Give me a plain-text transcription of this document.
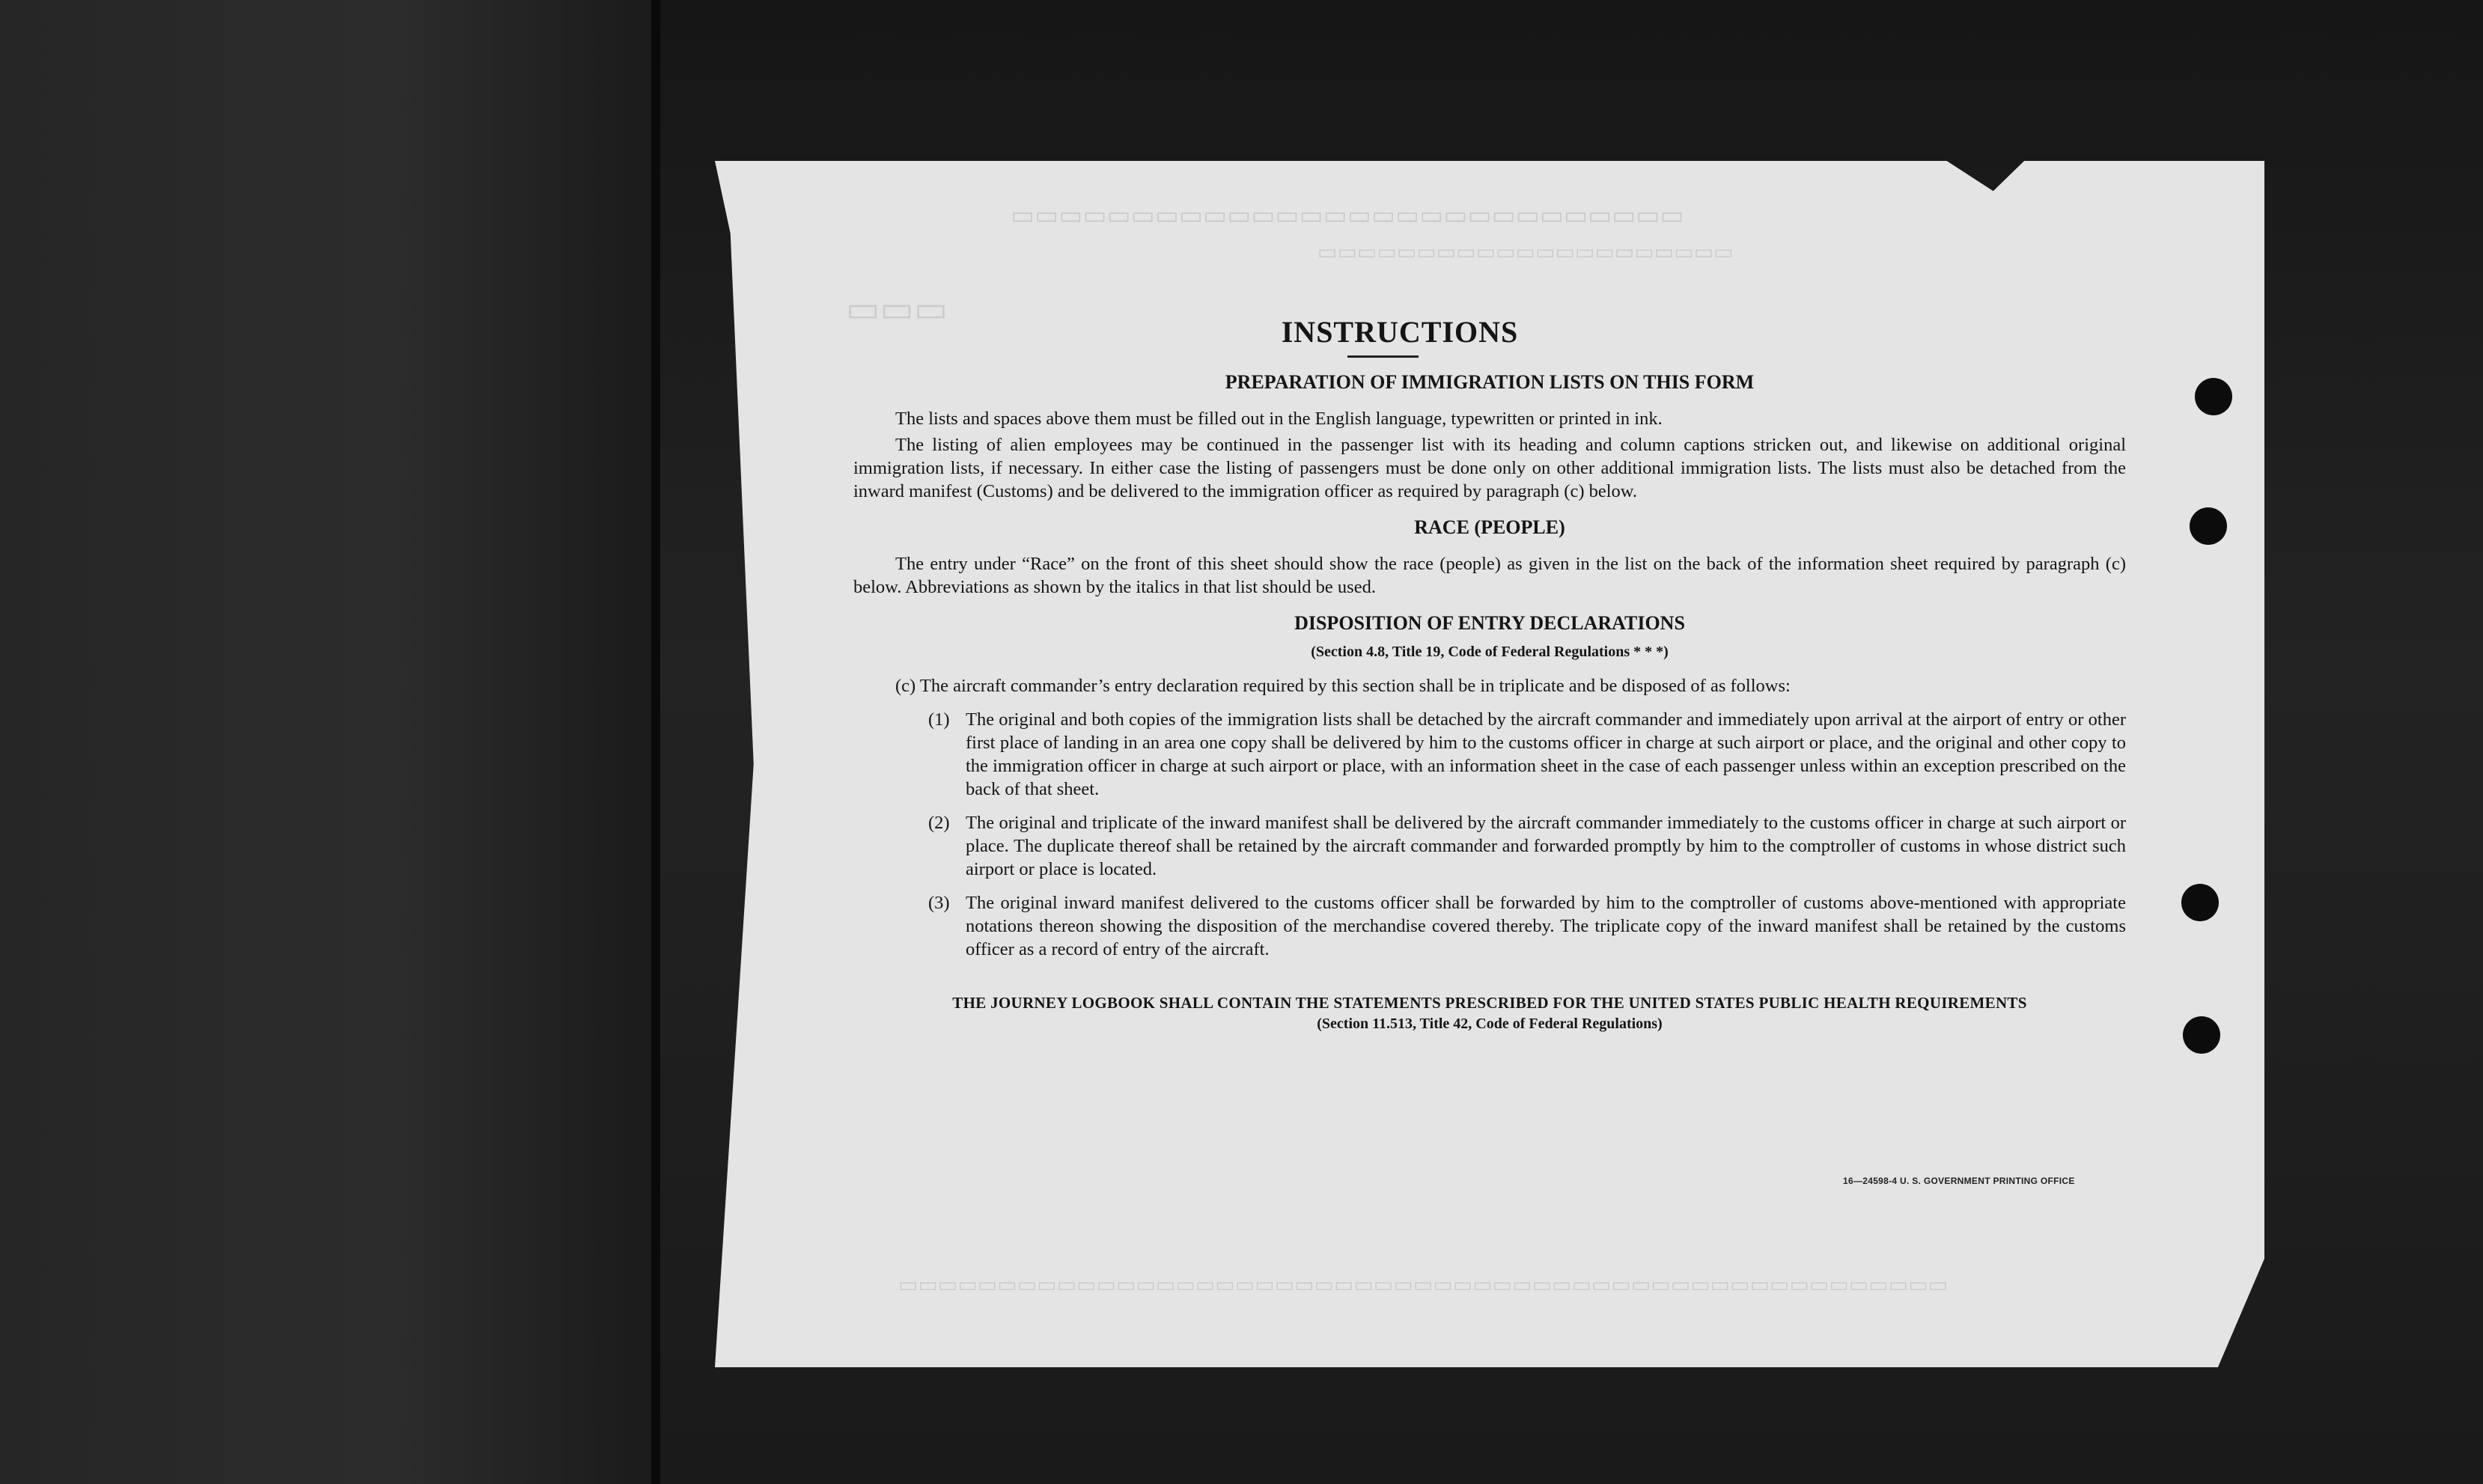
▭▭▭▭▭▭▭▭▭▭▭▭▭▭▭▭▭▭▭▭▭▭▭▭▭▭▭▭
▭▭▭▭▭▭▭▭▭▭▭▭▭▭▭▭▭▭▭▭▭
▭▭▭
▭▭▭▭▭▭▭▭▭▭▭▭▭▭▭▭▭▭▭▭▭▭▭▭▭▭▭▭▭▭▭▭▭▭▭▭▭▭▭▭▭▭▭▭▭▭▭▭▭▭▭▭▭
INSTRUCTIONS
PREPARATION OF IMMIGRATION LISTS ON THIS FORM

The lists and spaces above them must be filled out in the English language, typewritten or printed in ink.

The listing of alien employees may be continued in the passenger list with its heading and column captions stricken out, and likewise on additional original immigration lists, if necessary. In either case the listing of passengers must be done only on other additional immigration lists. The lists must also be detached from the inward manifest (Customs) and be delivered to the immigration officer as required by paragraph (c) below.

RACE (PEOPLE)

The entry under “Race” on the front of this sheet should show the race (people) as given in the list on the back of the information sheet required by paragraph (c) below. Abbreviations as shown by the italics in that list should be used.

DISPOSITION OF ENTRY DECLARATIONS
(Section 4.8, Title 19, Code of Federal Regulations * * *)

(c) The aircraft commander’s entry declaration required by this section shall be in triplicate and be disposed of as follows:

(1) The original and both copies of the immigration lists shall be detached by the aircraft commander and immediately upon arrival at the airport of entry or other first place of landing in an area one copy shall be delivered by him to the customs officer in charge at such airport or place, and the original and other copy to the immigration officer in charge at such airport or place, with an information sheet in the case of each passenger unless within an exception prescribed on the back of that sheet.

(2) The original and triplicate of the inward manifest shall be delivered by the aircraft commander immediately to the customs officer in charge at such airport or place. The duplicate thereof shall be retained by the aircraft commander and forwarded promptly by him to the comptroller of customs in whose district such airport or place is located.

(3) The original inward manifest delivered to the customs officer shall be forwarded by him to the comptroller of customs above-mentioned with appropriate notations thereon showing the disposition of the merchandise covered thereby. The triplicate copy of the inward manifest shall be retained by the customs officer as a record of entry of the aircraft.

THE JOURNEY LOGBOOK SHALL CONTAIN THE STATEMENTS PRESCRIBED FOR THE UNITED STATES PUBLIC HEALTH REQUIREMENTS
(Section 11.513, Title 42, Code of Federal Regulations)
16—24598-4 U. S. GOVERNMENT PRINTING OFFICE
